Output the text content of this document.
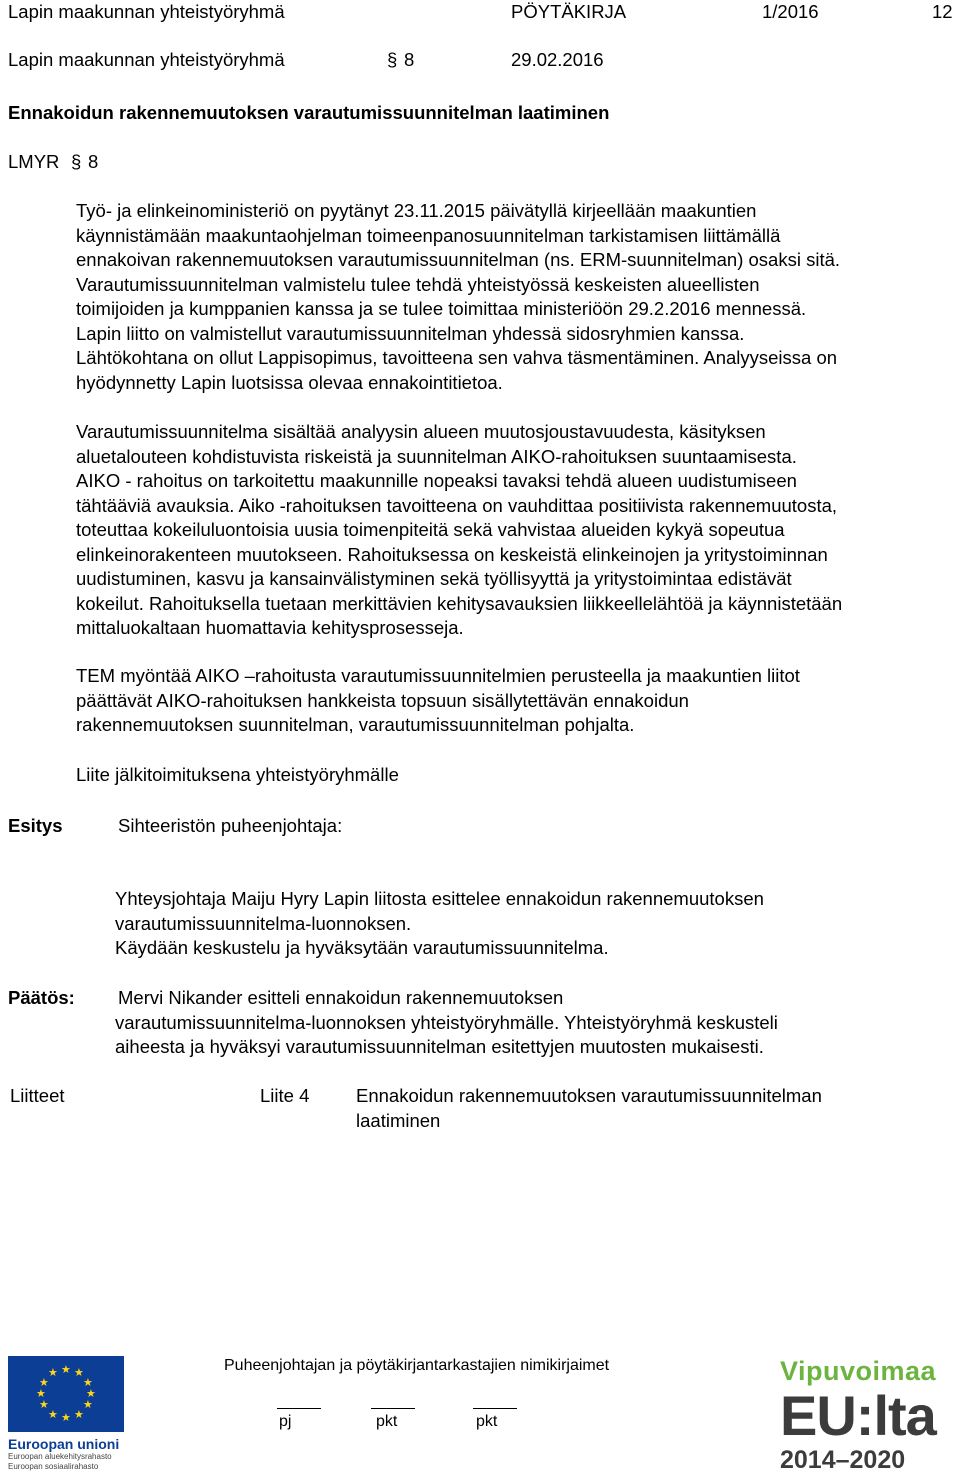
Lapin maakunnan yhteistyöryhmä	PÖYTÄKIRJA	1/2016	12
Lapin maakunnan yhteistyöryhmä	§ 8	29.02.2016
Ennakoidun rakennemuutoksen varautumissuunnitelman laatiminen
LMYR § 8
Työ- ja elinkeinoministeriö on pyytänyt 23.11.2015 päivätyllä kirjeellään maakuntien
käynnistämään maakuntaohjelman toimeenpanosuunnitelman tarkistamisen liittämällä
ennakoivan rakennemuutoksen varautumissuunnitelman (ns. ERM-suunnitelman) osaksi sitä.
Varautumissuunnitelman valmistelu tulee tehdä yhteistyössä keskeisten alueellisten
toimijoiden ja kumppanien kanssa ja se tulee toimittaa ministeriöön 29.2.2016 mennessä.
Lapin liitto on valmistellut varautumissuunnitelman yhdessä sidosryhmien kanssa.
Lähtökohtana on ollut Lappisopimus, tavoitteena sen vahva täsmentäminen. Analyyseissa on
hyödynnetty Lapin luotsissa olevaa ennakointitietoa.
Varautumissuunnitelma sisältää analyysin alueen muutosjoustavuudesta, käsityksen
aluetalouteen kohdistuvista riskeistä ja suunnitelman AIKO-rahoituksen suuntaamisesta.
AIKO - rahoitus on tarkoitettu maakunnille nopeaksi tavaksi tehdä alueen uudistumiseen
tähtääviä avauksia. Aiko -rahoituksen tavoitteena on vauhdittaa positiivista rakennemuutosta,
toteuttaa kokeiluluontoisia uusia toimenpiteitä sekä vahvistaa alueiden kykyä sopeutua
elinkeinorakenteen muutokseen. Rahoituksessa on keskeistä elinkeinojen ja yritystoiminnan
uudistuminen, kasvu ja kansainvälistyminen sekä työllisyyttä ja yritystoimintaa edistävät
kokeilut. Rahoituksella tuetaan merkittävien kehitysavauksien liikkeellelähtöä ja käynnistetään
mittaluokaltaan huomattavia kehitysprosesseja.
TEM myöntää AIKO –rahoitusta varautumissuunnitelmien perusteella ja maakuntien liitot
päättävät AIKO-rahoituksen hankkeista topsuun sisällytettävän ennakoidun
rakennemuutoksen suunnitelman, varautumissuunnitelman pohjalta.
Liite jälkitoimituksena yhteistyöryhmälle
Esitys	Sihteeristön puheenjohtaja:
Yhteysjohtaja Maiju Hyry Lapin liitosta esittelee ennakoidun rakennemuutoksen
varautumissuunnitelma-luonnoksen.
Käydään keskustelu ja hyväksytään varautumissuunnitelma.
Päätös: Mervi Nikander esitteli ennakoidun rakennemuutoksen
varautumissuunnitelma-luonnoksen yhteistyöryhmälle. Yhteistyöryhmä keskusteli
aiheesta ja hyväksyi varautumissuunnitelman esitettyjen muutosten mukaisesti.
Liitteet	Liite 4	Ennakoidun rakennemuutoksen varautumissuunnitelman
laatiminen
Puheenjohtajan ja pöytäkirjantarkastajien nimikirjaimet
pj	pkt	pkt
★ ★
★
★
★
★
★
★
★
★
★
★
Euroopan unioni
Euroopan aluekehitysrahasto
Euroopan sosiaalirahasto
Vipuvoimaa
EU:lta
2014–2020
